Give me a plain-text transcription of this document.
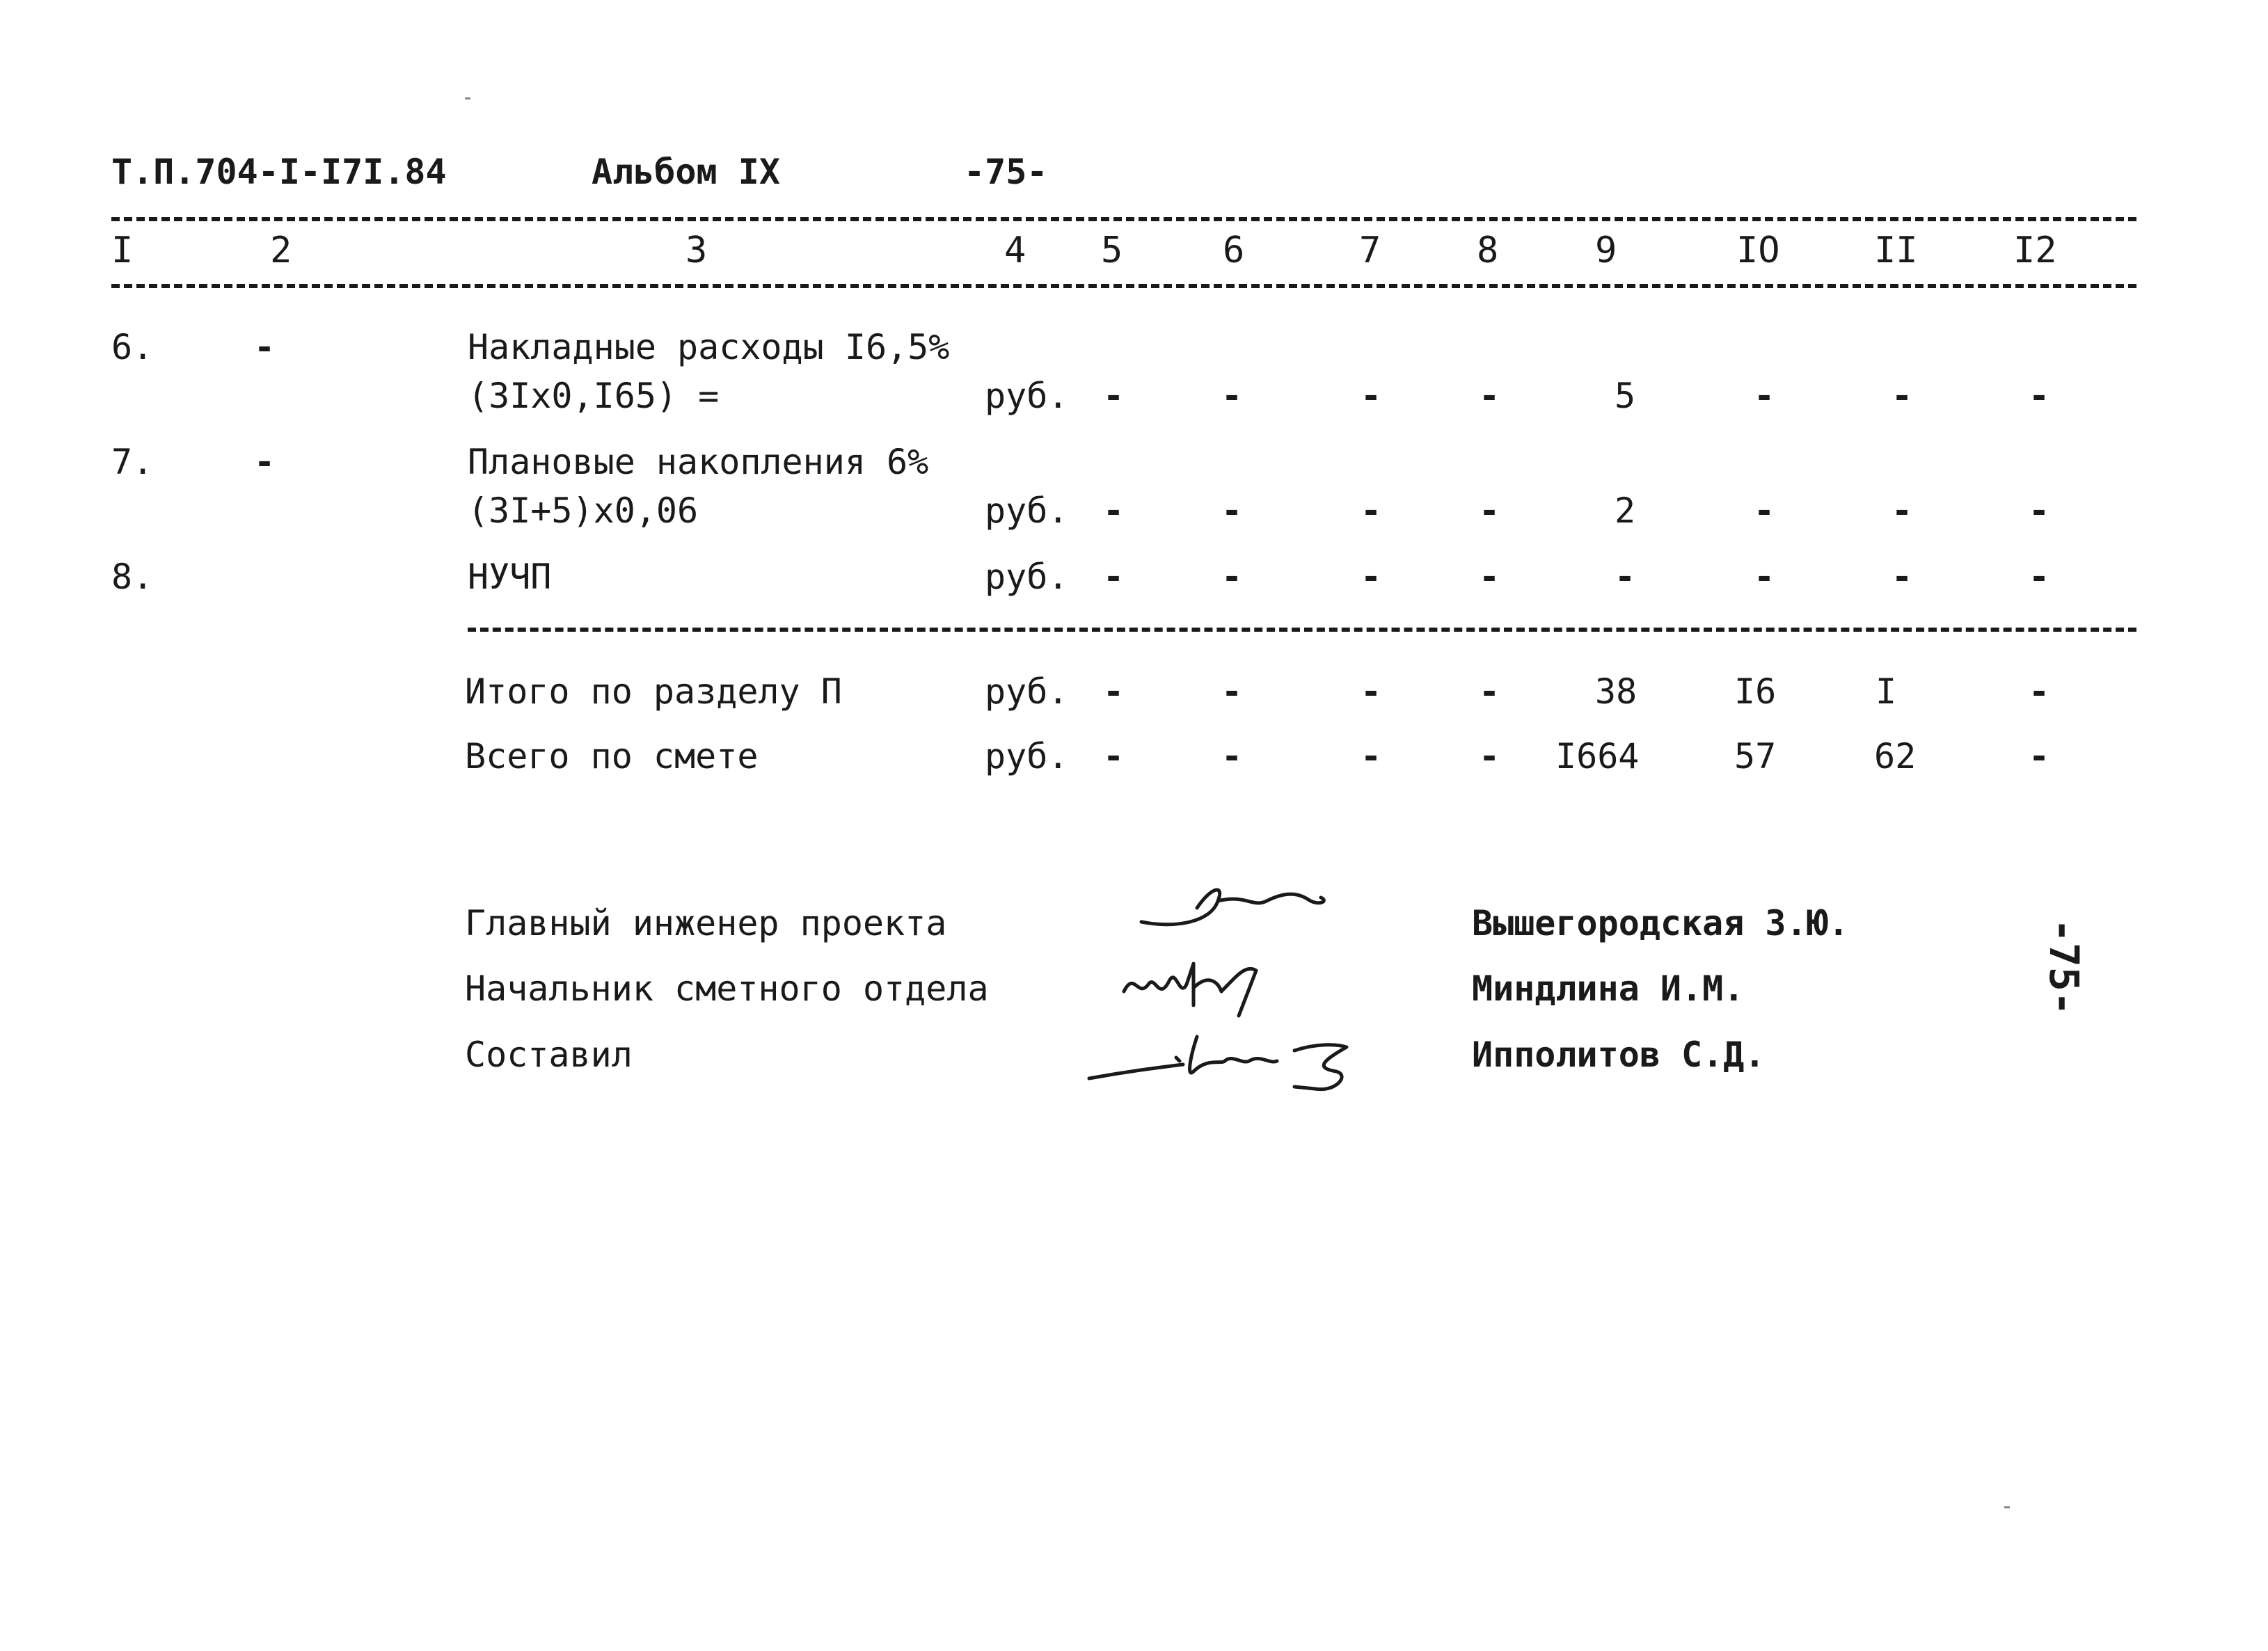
Т.П.704-I-I7I.84	Альбом IX	-75-
I	2	3	4 5	6	7	8	9	IO	II	I2
6.	-	Накладные расходы I6,5%
(3Ix0,I65) =	руб. -	-	-	-	5	-	-	-
7.	-	Плановые накопления 6%
(3I+5)x0,06	руб. -	-	-	-	2	-	-	-
8.	НУЧП	руб. -	-	-	-	-	-	-	-
Итого по разделу П	руб. -	-	-	-	38	I6	I	-
Всего по смете	руб. -	-	-	- I664	57	62	-
Главный инженер проекта
Начальник сметного отдела
Составил
Вышегородская З.Ю.
Миндлина И.М.
Ипполитов С.Д.
-75-
